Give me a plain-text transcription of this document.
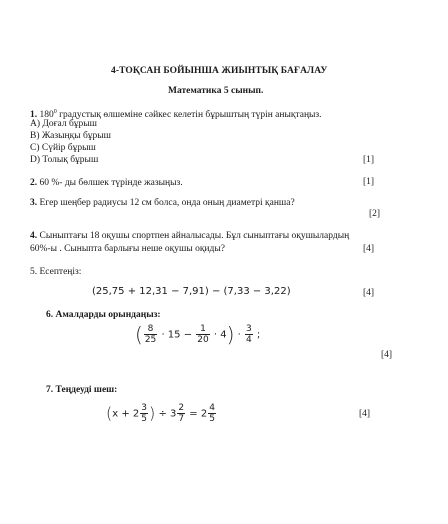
4-ТОҚСАН БОЙЫНША ЖИЫНТЫҚ БАҒАЛАУ
Математика 5 сынып.
1. $180^0$ градустық өлшеміне сәйкес келетін бұрыштың түрін анықтаңыз.
A) Доғал бұрыш
B) Жазыңқы бұрыш
C) Сүйір бұрыш
D) Толық бұрыш	[1]
2. 60 %- ды бөлшек түрінде жазыңыз.	[1]
3. Егер шеңбер радиусы 12 см болса, онда оның диаметрі қанша?
[2]
4. Сыныптағы 18 оқушы спортпен айналысады. Бұл сыныптағы оқушылардың
60%-ы . Сыныпта барлығы неше оқушы оқиды?	[4]
5. Есептеңіз:
(25,75 + 12,31 − 7,91) − (7,33 − 3,22)	[4]
6. Амалдарды орындаңыз:
( $\frac{8}{25} \cdot 15 - \frac{1}{20} \cdot 4) \cdot \frac{3}{4}$ ;
[4]
7. Теңдеуді шеш:
($x + 2 \frac{3}{5}$ ) ÷ $3 \frac{2}{7} = 2 \frac{4}{5}$	[4]
